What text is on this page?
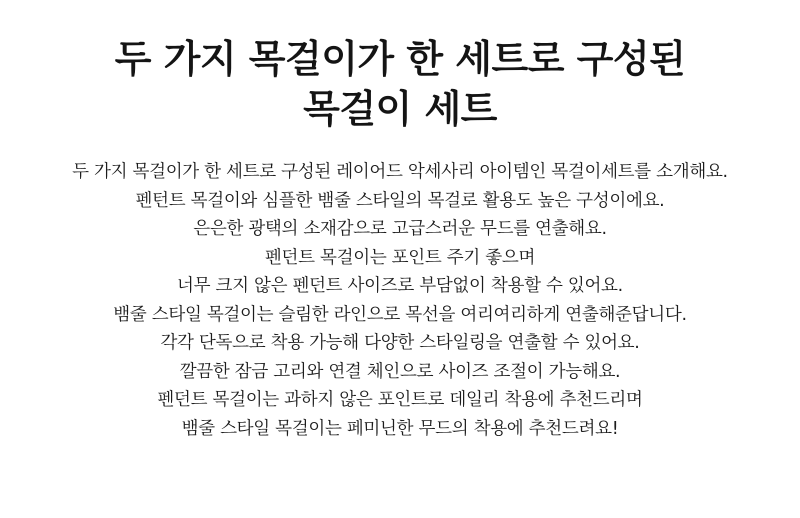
두 가지 목걸이가 한 세트로 구성된
목걸이 세트
두 가지 목걸이가 한 세트로 구성된 레이어드 악세사리 아이템인 목걸이세트를 소개해요.
펜턴트 목걸이와 심플한 뱀줄 스타일의 목걸로 활용도 높은 구성이에요.
은은한 광택의 소재감으로 고급스러운 무드를 연출해요.
펜던트 목걸이는 포인트 주기 좋으며
너무 크지 않은 펜던트 사이즈로 부담없이 착용할 수 있어요.
뱀줄 스타일 목걸이는 슬림한 라인으로 목선을 여리여리하게 연출해준답니다.
각각 단독으로 착용 가능해 다양한 스타일링을 연출할 수 있어요.
깔끔한 잠금 고리와 연결 체인으로 사이즈 조절이 가능해요.
펜던트 목걸이는 과하지 않은 포인트로 데일리 착용에 추천드리며
뱀줄 스타일 목걸이는 페미닌한 무드의 착용에 추천드려요!
